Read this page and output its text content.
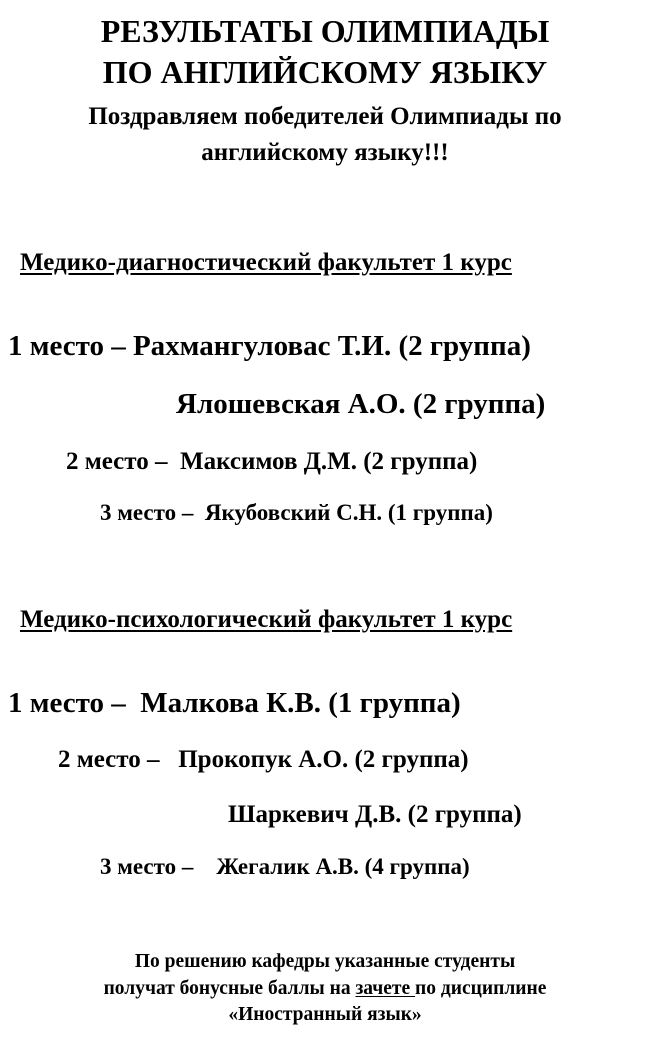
РЕЗУЛЬТАТЫ ОЛИМПИАДЫ
ПО АНГЛИЙСКОМУ ЯЗЫКУ
Поздравляем победителей Олимпиады по
английскому языку!!!
Медико-диагностический факультет 1 курс
1 место – Рахмангуловас Т.И. (2 группа)
Ялошевская А.О. (2 группа)
2 место – Максимов Д.М. (2 группа)
3 место – Якубовский С.Н. (1 группа)
Медико-психологический факультет 1 курс
1 место – Малкова К.В. (1 группа)
2 место – Прокопук А.О. (2 группа)
Шаркевич Д.В. (2 группа)
3 место – Жегалик А.В. (4 группа)
По решению кафедры указанные студенты
получат бонусные баллы на зачете по дисциплине
«Иностранный язык»
